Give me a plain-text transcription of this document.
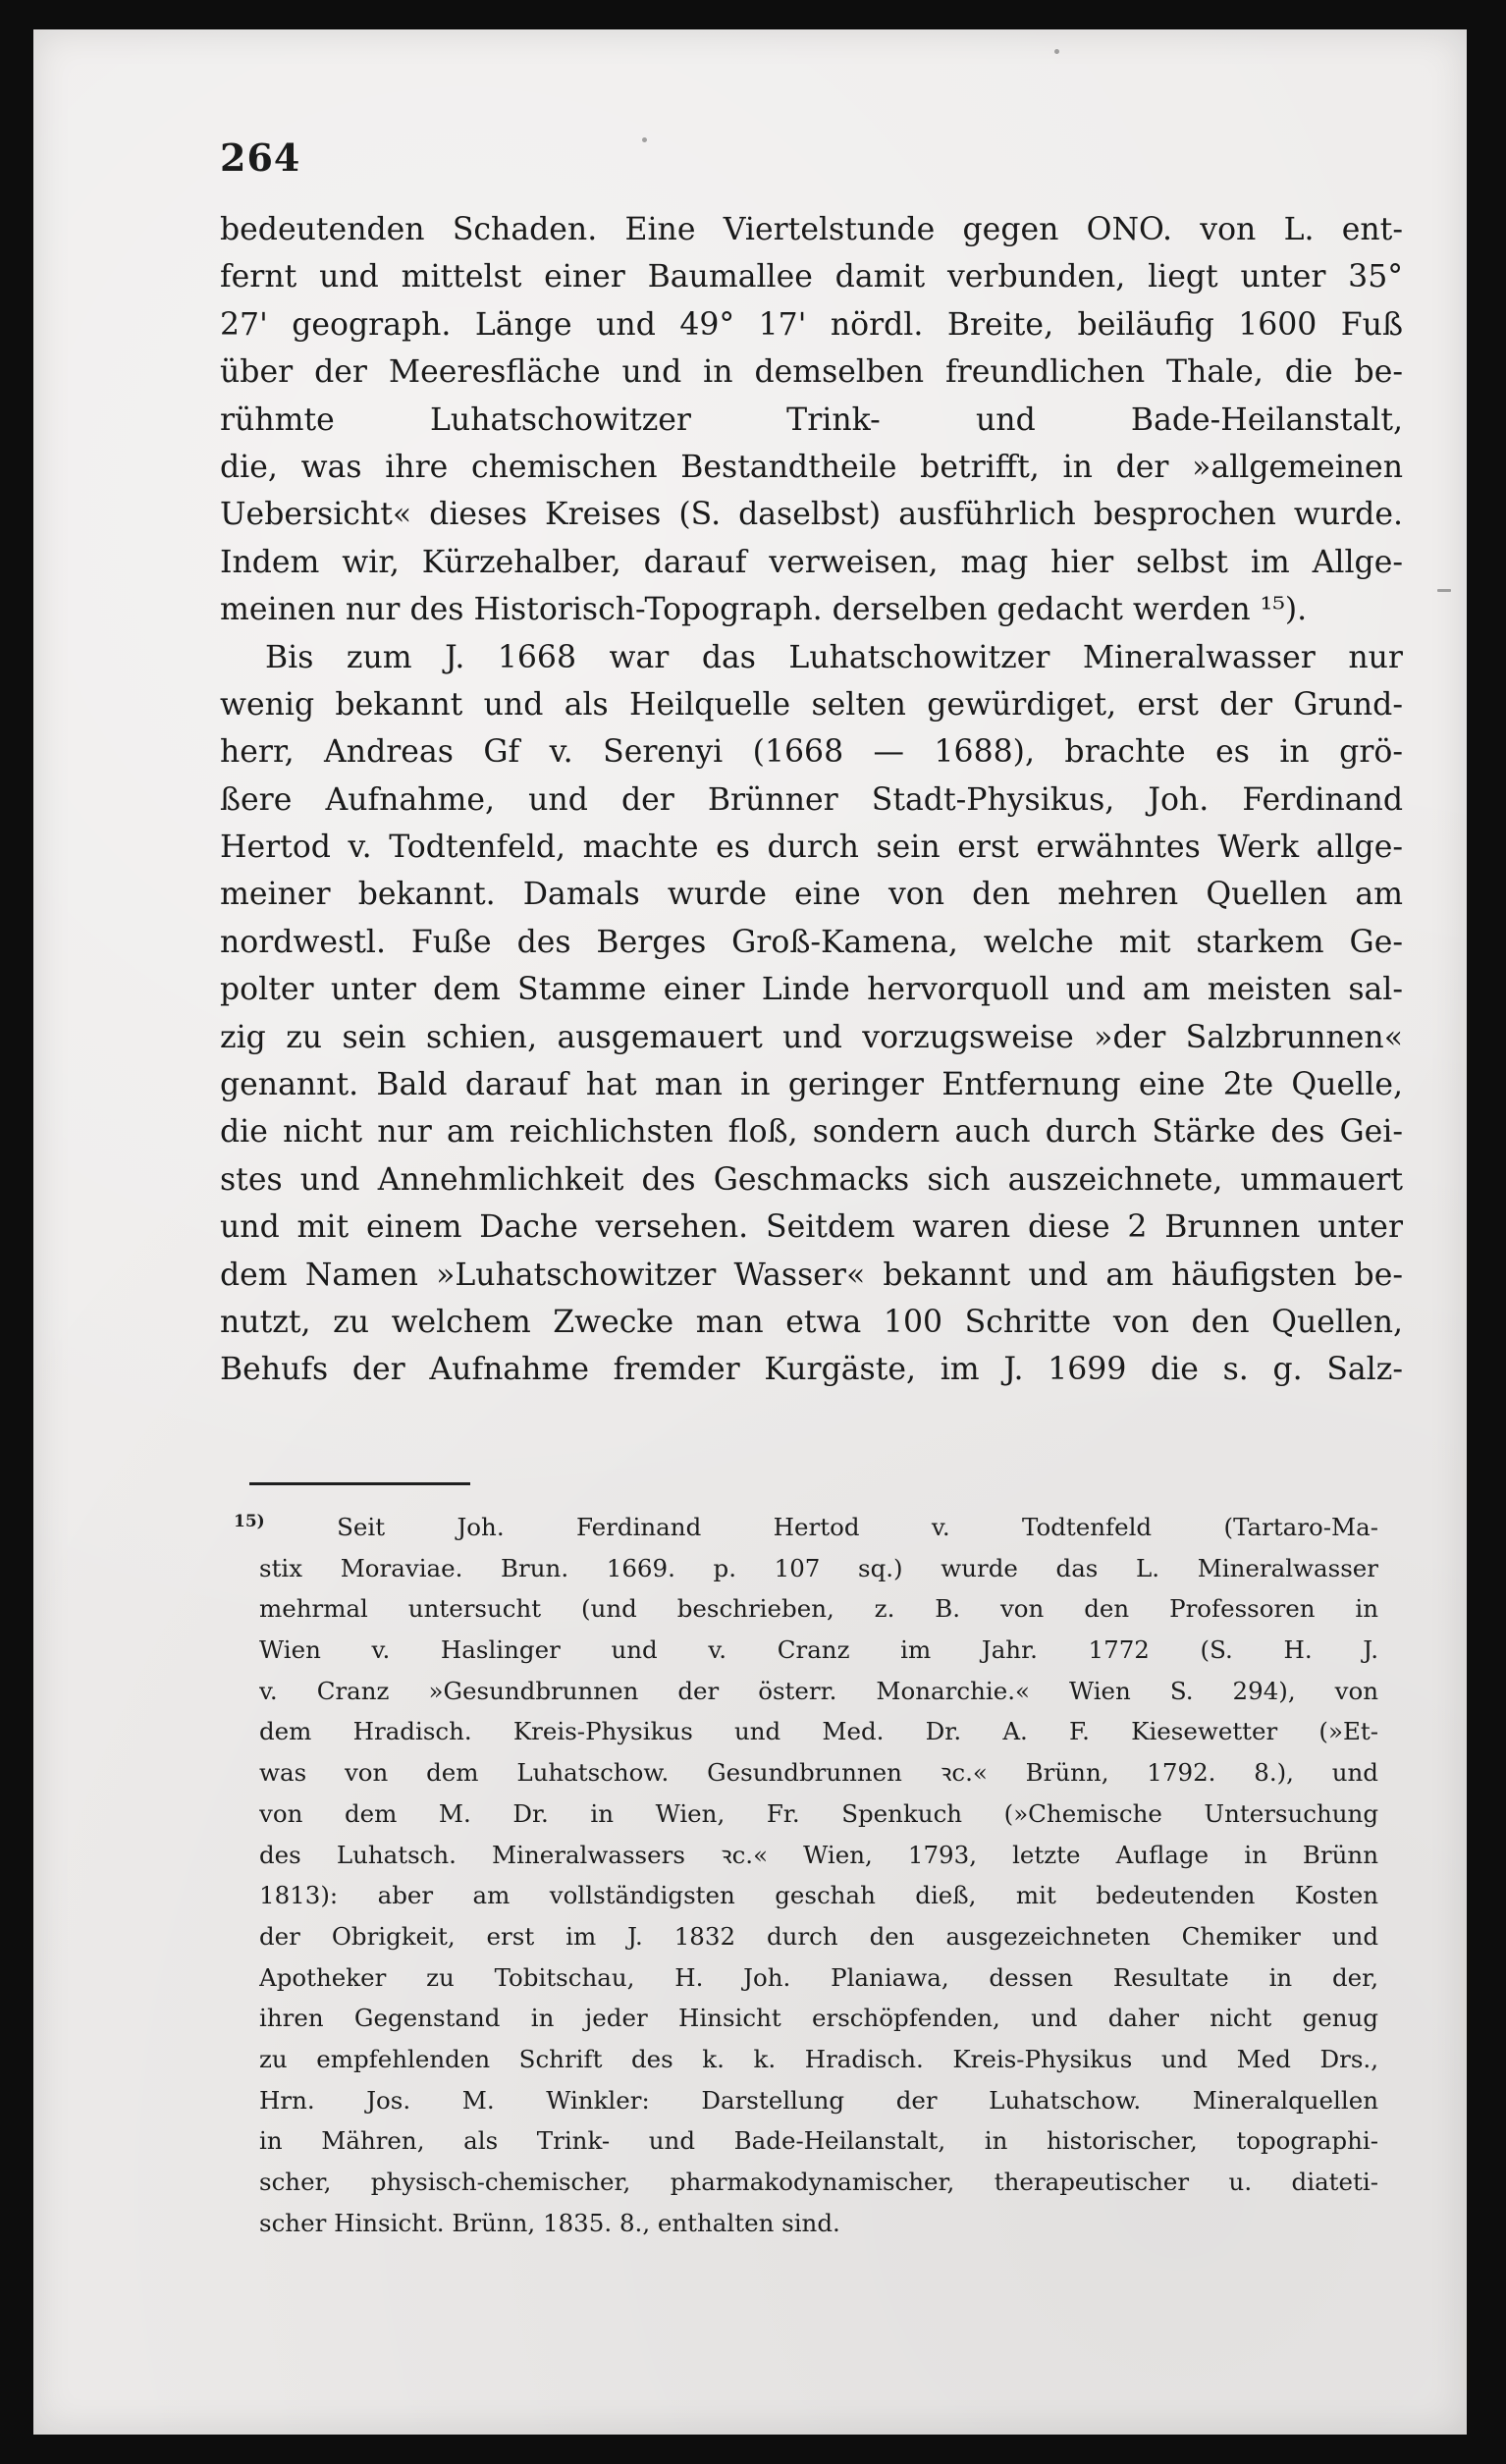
264
bedeutenden Schaden. Eine Viertelstunde gegen ONO. von L. ent-
fernt und mittelst einer Baumallee damit verbunden, liegt unter 35°
27' geograph. Länge und 49° 17' nördl. Breite, beiläufig 1600 Fuß
über der Meeresfläche und in demselben freundlichen Thale, die be-
rühmte Luhatschowitzer Trink- und Bade-Heilanstalt,
die, was ihre chemischen Bestandtheile betrifft, in der »allgemeinen
Uebersicht« dieses Kreises (S. daselbst) ausführlich besprochen wurde.
Indem wir, Kürzehalber, darauf verweisen, mag hier selbst im Allge-
meinen nur des Historisch-Topograph. derselben gedacht werden ¹⁵).
Bis zum J. 1668 war das Luhatschowitzer Mineralwasser nur
wenig bekannt und als Heilquelle selten gewürdiget, erst der Grund-
herr, Andreas Gf v. Serenyi (1668 — 1688), brachte es in grö-
ßere Aufnahme, und der Brünner Stadt-Physikus, Joh. Ferdinand
Hertod v. Todtenfeld, machte es durch sein erst erwähntes Werk allge-
meiner bekannt. Damals wurde eine von den mehren Quellen am
nordwestl. Fuße des Berges Groß-Kamena, welche mit starkem Ge-
polter unter dem Stamme einer Linde hervorquoll und am meisten sal-
zig zu sein schien, ausgemauert und vorzugsweise »der Salzbrunnen«
genannt. Bald darauf hat man in geringer Entfernung eine 2te Quelle,
die nicht nur am reichlichsten floß, sondern auch durch Stärke des Gei-
stes und Annehmlichkeit des Geschmacks sich auszeichnete, ummauert
und mit einem Dache versehen. Seitdem waren diese 2 Brunnen unter
dem Namen »Luhatschowitzer Wasser« bekannt und am häufigsten be-
nutzt, zu welchem Zwecke man etwa 100 Schritte von den Quellen,
Behufs der Aufnahme fremder Kurgäste, im J. 1699 die s. g. Salz-
$^{15)}$	Seit Joh. Ferdinand Hertod v. Todtenfeld (Tartaro-Ma-
stix Moraviae. Brun. 1669. p. 107 sq.) wurde das L. Mineralwasser
mehrmal untersucht (und beschrieben, z. B. von den Professoren in
Wien v. Haslinger und v. Cranz im Jahr. 1772 (S. H. J.
v. Cranz »Gesundbrunnen der österr. Monarchie.« Wien S. 294), von
dem Hradisch. Kreis-Physikus und Med. Dr. A. F. Kiesewetter (»Et-
was von dem Luhatschow. Gesundbrunnen ꝛc.« Brünn, 1792. 8.), und
von dem M. Dr. in Wien, Fr. Spenkuch (»Chemische Untersuchung
des Luhatsch. Mineralwassers ꝛc.« Wien, 1793, letzte Auflage in Brünn
1813): aber am vollständigsten geschah dieß, mit bedeutenden Kosten
der Obrigkeit, erst im J. 1832 durch den ausgezeichneten Chemiker und
Apotheker zu Tobitschau, H. Joh. Planiawa, dessen Resultate in der,
ihren Gegenstand in jeder Hinsicht erschöpfenden, und daher nicht genug
zu empfehlenden Schrift des k. k. Hradisch. Kreis-Physikus und Med Drs.,
Hrn. Jos. M. Winkler: Darstellung der Luhatschow. Mineralquellen
in Mähren, als Trink- und Bade-Heilanstalt, in historischer, topographi-
scher, physisch-chemischer, pharmakodynamischer, therapeutischer u. diateti-
scher Hinsicht. Brünn, 1835. 8., enthalten sind.
